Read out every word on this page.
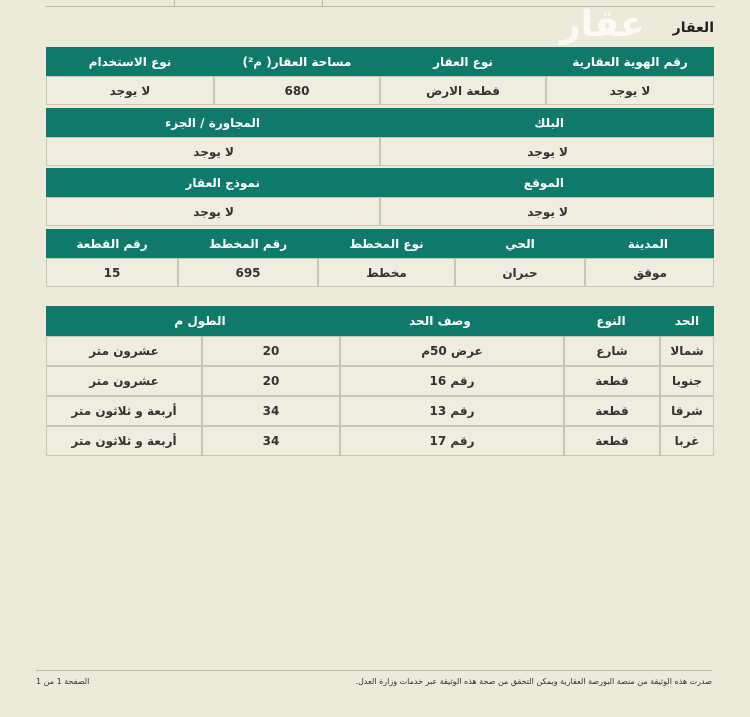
عقار	العقار
رقم الهوية العقارية
نوع العقار
مساحة العقار( م²)
نوع الاستخدام
لا يوجد
قطعة الارض
680
لا يوجد
البلك
المجاورة / الجزء
لا يوجد
لا يوجد
الموقع
نموذج العقار
لا يوجد
لا يوجد
المدينة
الحي
نوع المخطط
رقم المخطط
رقم القطعة
موقق
حبران
مخطط
695
15
الحد
النوع
وصف الحد
الطول م
شمالا
شارع
عرض 50م
20
عشرون متر
جنوبا
قطعة
رقم 16
20
عشرون متر
شرقا
قطعة
رقم 13
34
أربعة و ثلاثون متر
غربا
قطعة
رقم 17
34
أربعة و ثلاثون متر
صدرت هذه الوثيقة من منصة البورصة العقارية ويمكن التحقق من صحة هذه الوثيقة عبر خدمات وزارة العدل.
الصفحة 1 من 1
